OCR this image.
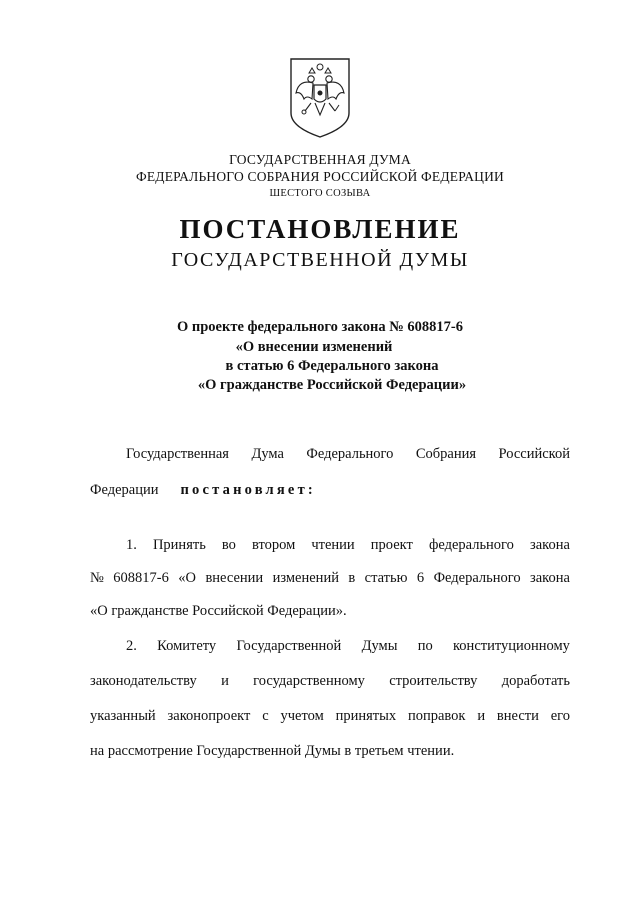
ГОСУДАРСТВЕННАЯ ДУМА
ФЕДЕРАЛЬНОГО СОБРАНИЯ РОССИЙСКОЙ ФЕДЕРАЦИИ
ШЕСТОГО СОЗЫВА
ПОСТАНОВЛЕНИЕ
ГОСУДАРСТВЕННОЙ ДУМЫ
О проекте федерального закона № 608817-6
«О внесении изменений
в статью 6 Федерального закона
«О гражданстве Российской Федерации»
Государственная Дума Федерального Собрания Российской
Федерации постановляет:
1. Принять во втором чтении проект федерального закона
№ 608817-6 «О внесении изменений в статью 6 Федерального закона
«О гражданстве Российской Федерации».
2. Комитету Государственной Думы по конституционному
законодательству и государственному строительству доработать
указанный законопроект с учетом принятых поправок и внести его
на рассмотрение Государственной Думы в третьем чтении.
